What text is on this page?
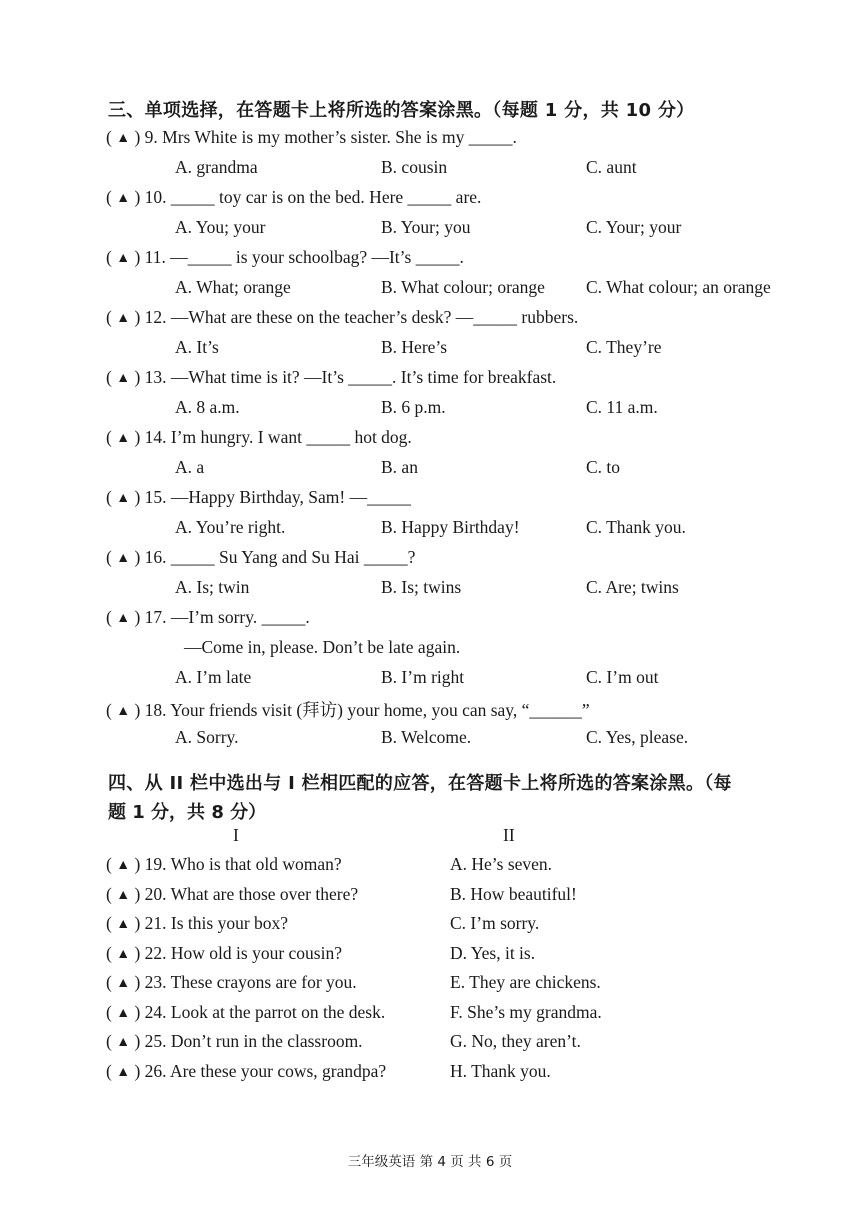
三、单项选择，在答题卡上将所选的答案涂黑。（每题 1 分，共 10 分）
( ▲ ) 9. Mrs White is my mother’s sister. She is my _____.
A. grandma	B. cousin	C. aunt
( ▲ ) 10. _____ toy car is on the bed. Here _____ are.
A. You; your	B. Your; you	C. Your; your
( ▲ ) 11. —_____ is your schoolbag? —It’s _____.
A. What; orange	B. What colour; orange C. What colour; an orange
( ▲ ) 12. —What are these on the teacher’s desk? —_____ rubbers.
A. It’s	B. Here’s	C. They’re
( ▲ ) 13. —What time is it? —It’s _____. It’s time for breakfast.
A. 8 a.m.	B. 6 p.m.	C. 11 a.m.
( ▲ ) 14. I’m hungry. I want _____ hot dog.
A. a	B. an	C. to
( ▲ ) 15. —Happy Birthday, Sam! —_____
A. You’re right.	B. Happy Birthday!	C. Thank you.
( ▲ ) 16. _____ Su Yang and Su Hai _____?
A. Is; twin	B. Is; twins	C. Are; twins
( ▲ ) 17. —I’m sorry. _____.
—Come in, please. Don’t be late again.
A. I’m late	B. I’m right	C. I’m out
( ▲ ) 18. Your friends visit (拜访) your home, you can say, “______”
A. Sorry.	B. Welcome.	C. Yes, please.
四、从 II 栏中选出与 I 栏相匹配的应答，在答题卡上将所选的答案涂黑。（每
题 1 分，共 8 分）
I	II
( ▲ ) 19. Who is that old woman?	A. He’s seven.
( ▲ ) 20. What are those over there?	B. How beautiful!
( ▲ ) 21. Is this your box?	C. I’m sorry.
( ▲ ) 22. How old is your cousin?	D. Yes, it is.
( ▲ ) 23. These crayons are for you.	E. They are chickens.
( ▲ ) 24. Look at the parrot on the desk.	F. She’s my grandma.
( ▲ ) 25. Don’t run in the classroom.	G. No, they aren’t.
( ▲ ) 26. Are these your cows, grandpa?	H. Thank you.
三年级英语 第 4 页 共 6 页
